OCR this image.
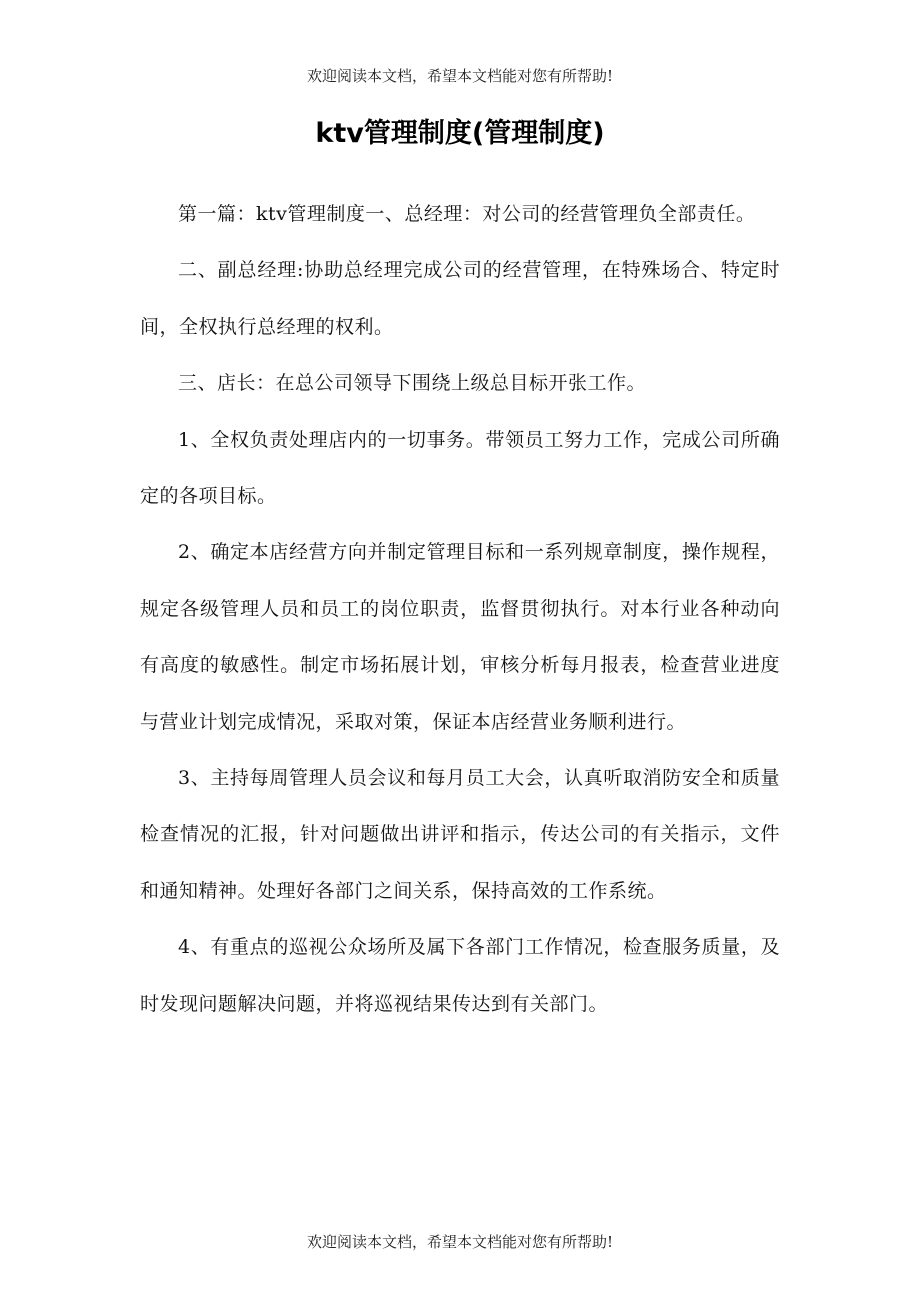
欢迎阅读本文档，希望本文档能对您有所帮助!
ktv管理制度(管理制度)

第一篇：ktv管理制度一、总经理：对公司的经营管理负全部责任。

二、副总经理:协助总经理完成公司的经营管理，在特殊场合、特定时间，全权执行总经理的权利。

三、店长：在总公司领导下围绕上级总目标开张工作。

1、全权负责处理店内的一切事务。带领员工努力工作，完成公司所确定的各项目标。

2、确定本店经营方向并制定管理目标和一系列规章制度，操作规程，规定各级管理人员和员工的岗位职责，监督贯彻执行。对本行业各种动向有高度的敏感性。制定市场拓展计划，审核分析每月报表，检查营业进度与营业计划完成情况，采取对策，保证本店经营业务顺利进行。

3、主持每周管理人员会议和每月员工大会，认真听取消防安全和质量检查情况的汇报，针对问题做出讲评和指示，传达公司的有关指示，文件和通知精神。处理好各部门之间关系，保持高效的工作系统。

4、有重点的巡视公众场所及属下各部门工作情况，检查服务质量，及时发现问题解决问题，并将巡视结果传达到有关部门。

欢迎阅读本文档，希望本文档能对您有所帮助!
